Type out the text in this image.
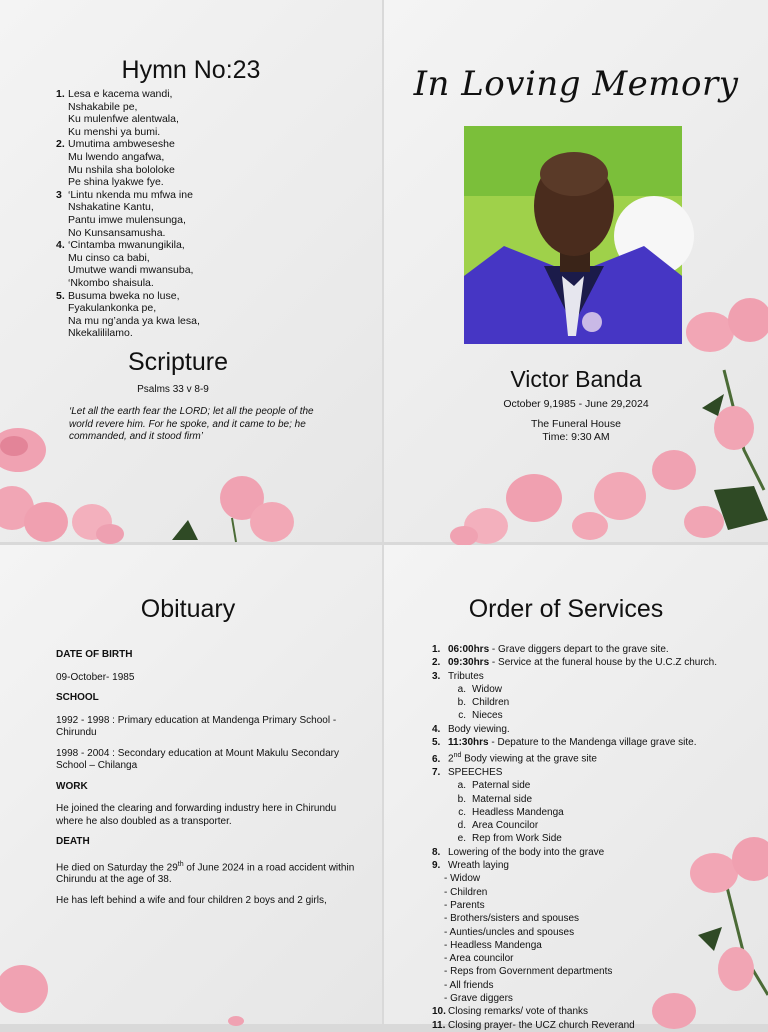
Hymn No:23
1. Lesa e kacema wandi,
Nshakabile pe,
Ku mulenfwe alentwala,
Ku menshi ya bumi.
2. Umutima ambweseshe
Mu lwendo angafwa,
Mu nshila sha bololoke
Pe shina lyakwe fye.
3 ‘Lintu nkenda mu mfwa ine
Nshakatine Kantu,
Pantu imwe mulensunga,
No Kunsansamusha.
4. ‘Cintamba mwanungikila,
Mu cinso ca babi,
Umutwe wandi mwansuba,
‘Nkombo shaisula.
5. Busuma bweka no luse,
Fyakulankonka pe,
Na mu ng’anda ya kwa lesa,
Nkekalililamo.
Scripture
Psalms 33 v 8-9
‘Let all the earth fear the LORD; let all the people of the world revere him. For he spoke, and it came to be; he commanded, and it stood firm’
In Loving Memory
Victor Banda
October 9,1985 - June 29,2024
The Funeral House
Time: 9:30 AM
Obituary
DATE OF BIRTH

09-October- 1985

SCHOOL

1992 - 1998 : Primary education at Mandenga Primary School - Chirundu

1998 - 2004 : Secondary education at Mount Makulu Secondary School – Chilanga

WORK

He joined the clearing and forwarding industry here in Chirundu where he also doubled as a transporter.

DEATH

He died on Saturday the 29th of June 2024 in a road accident within Chirundu at the age of 38.

He has left behind a wife and four children 2 boys and 2 girls,

Order of Services
1. 06:00hrs - Grave diggers depart to the grave site.
2. 09:30hrs - Service at the funeral house by the U.C.Z church.
3. Tributes
a. Widow
b. Children
c. Nieces
4. Body viewing.
5. 11:30hrs - Depature to the Mandenga village grave site.
6. 2nd Body viewing at the grave site
7. SPEECHES
a. Paternal side
b. Maternal side
c. Headless Mandenga
d. Area Councilor
e. Rep from Work Side
8. Lowering of the body into the grave
9. Wreath laying
- Widow
- Children
- Parents
- Brothers/sisters and spouses
- Aunties/uncles and spouses
- Headless Mandenga
- Area councilor
- Reps from Government departments
- All friends
- Grave diggers
10. Closing remarks/ vote of thanks
11. Closing prayer- the UCZ church Reverand
